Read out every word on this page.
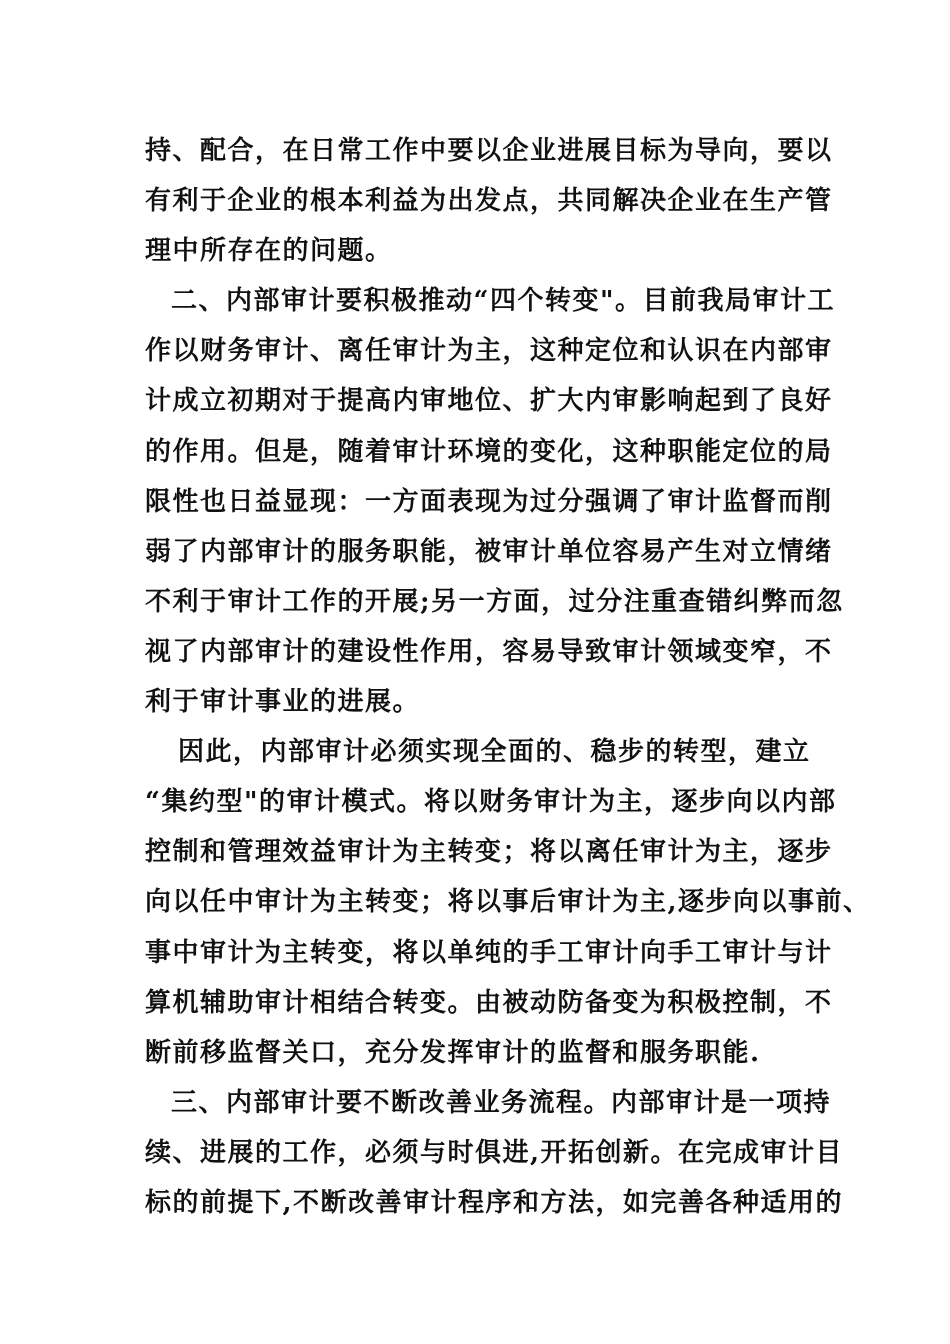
持、配合，在日常工作中要以企业进展目标为导向，要以
有利于企业的根本利益为出发点，共同解决企业在生产管
理中所存在的问题。
二、内部审计要积极推动“四个转变"。目前我局审计工
作以财务审计、离任审计为主，这种定位和认识在内部审
计成立初期对于提高内审地位、扩大内审影响起到了良好
的作用。但是，随着审计环境的变化，这种职能定位的局
限性也日益显现：一方面表现为过分强调了审计监督而削
弱了内部审计的服务职能，被审计单位容易产生对立情绪
不利于审计工作的开展;另一方面，过分注重查错纠弊而忽
视了内部审计的建设性作用，容易导致审计领域变窄，不
利于审计事业的进展。
因此，内部审计必须实现全面的、稳步的转型，建立
“集约型"的审计模式。将以财务审计为主，逐步向以内部
控制和管理效益审计为主转变；将以离任审计为主，逐步
向以任中审计为主转变；将以事后审计为主,逐步向以事前、
事中审计为主转变，将以单纯的手工审计向手工审计与计
算机辅助审计相结合转变。由被动防备变为积极控制，不
断前移监督关口，充分发挥审计的监督和服务职能.
三、内部审计要不断改善业务流程。内部审计是一项持
续、进展的工作，必须与时俱进,开拓创新。在完成审计目
标的前提下,不断改善审计程序和方法，如完善各种适用的
